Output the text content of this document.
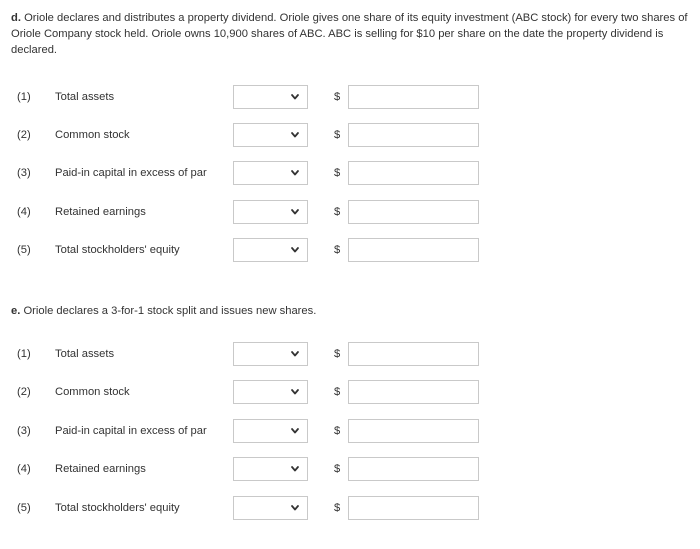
d. Oriole declares and distributes a property dividend. Oriole gives one share of its equity investment (ABC stock) for every two shares of Oriole Company stock held. Oriole owns 10,900 shares of ABC. ABC is selling for $10 per share on the date the property dividend is declared.

(1) Total assets	$
(2) Common stock	$
(3) Paid-in capital in excess of par	$
(4) Retained earnings	$
(5) Total stockholders' equity	$

e. Oriole declares a 3-for-1 stock split and issues new shares.

(1) Total assets	$
(2) Common stock	$
(3) Paid-in capital in excess of par	$
(4) Retained earnings	$
(5) Total stockholders' equity	$
